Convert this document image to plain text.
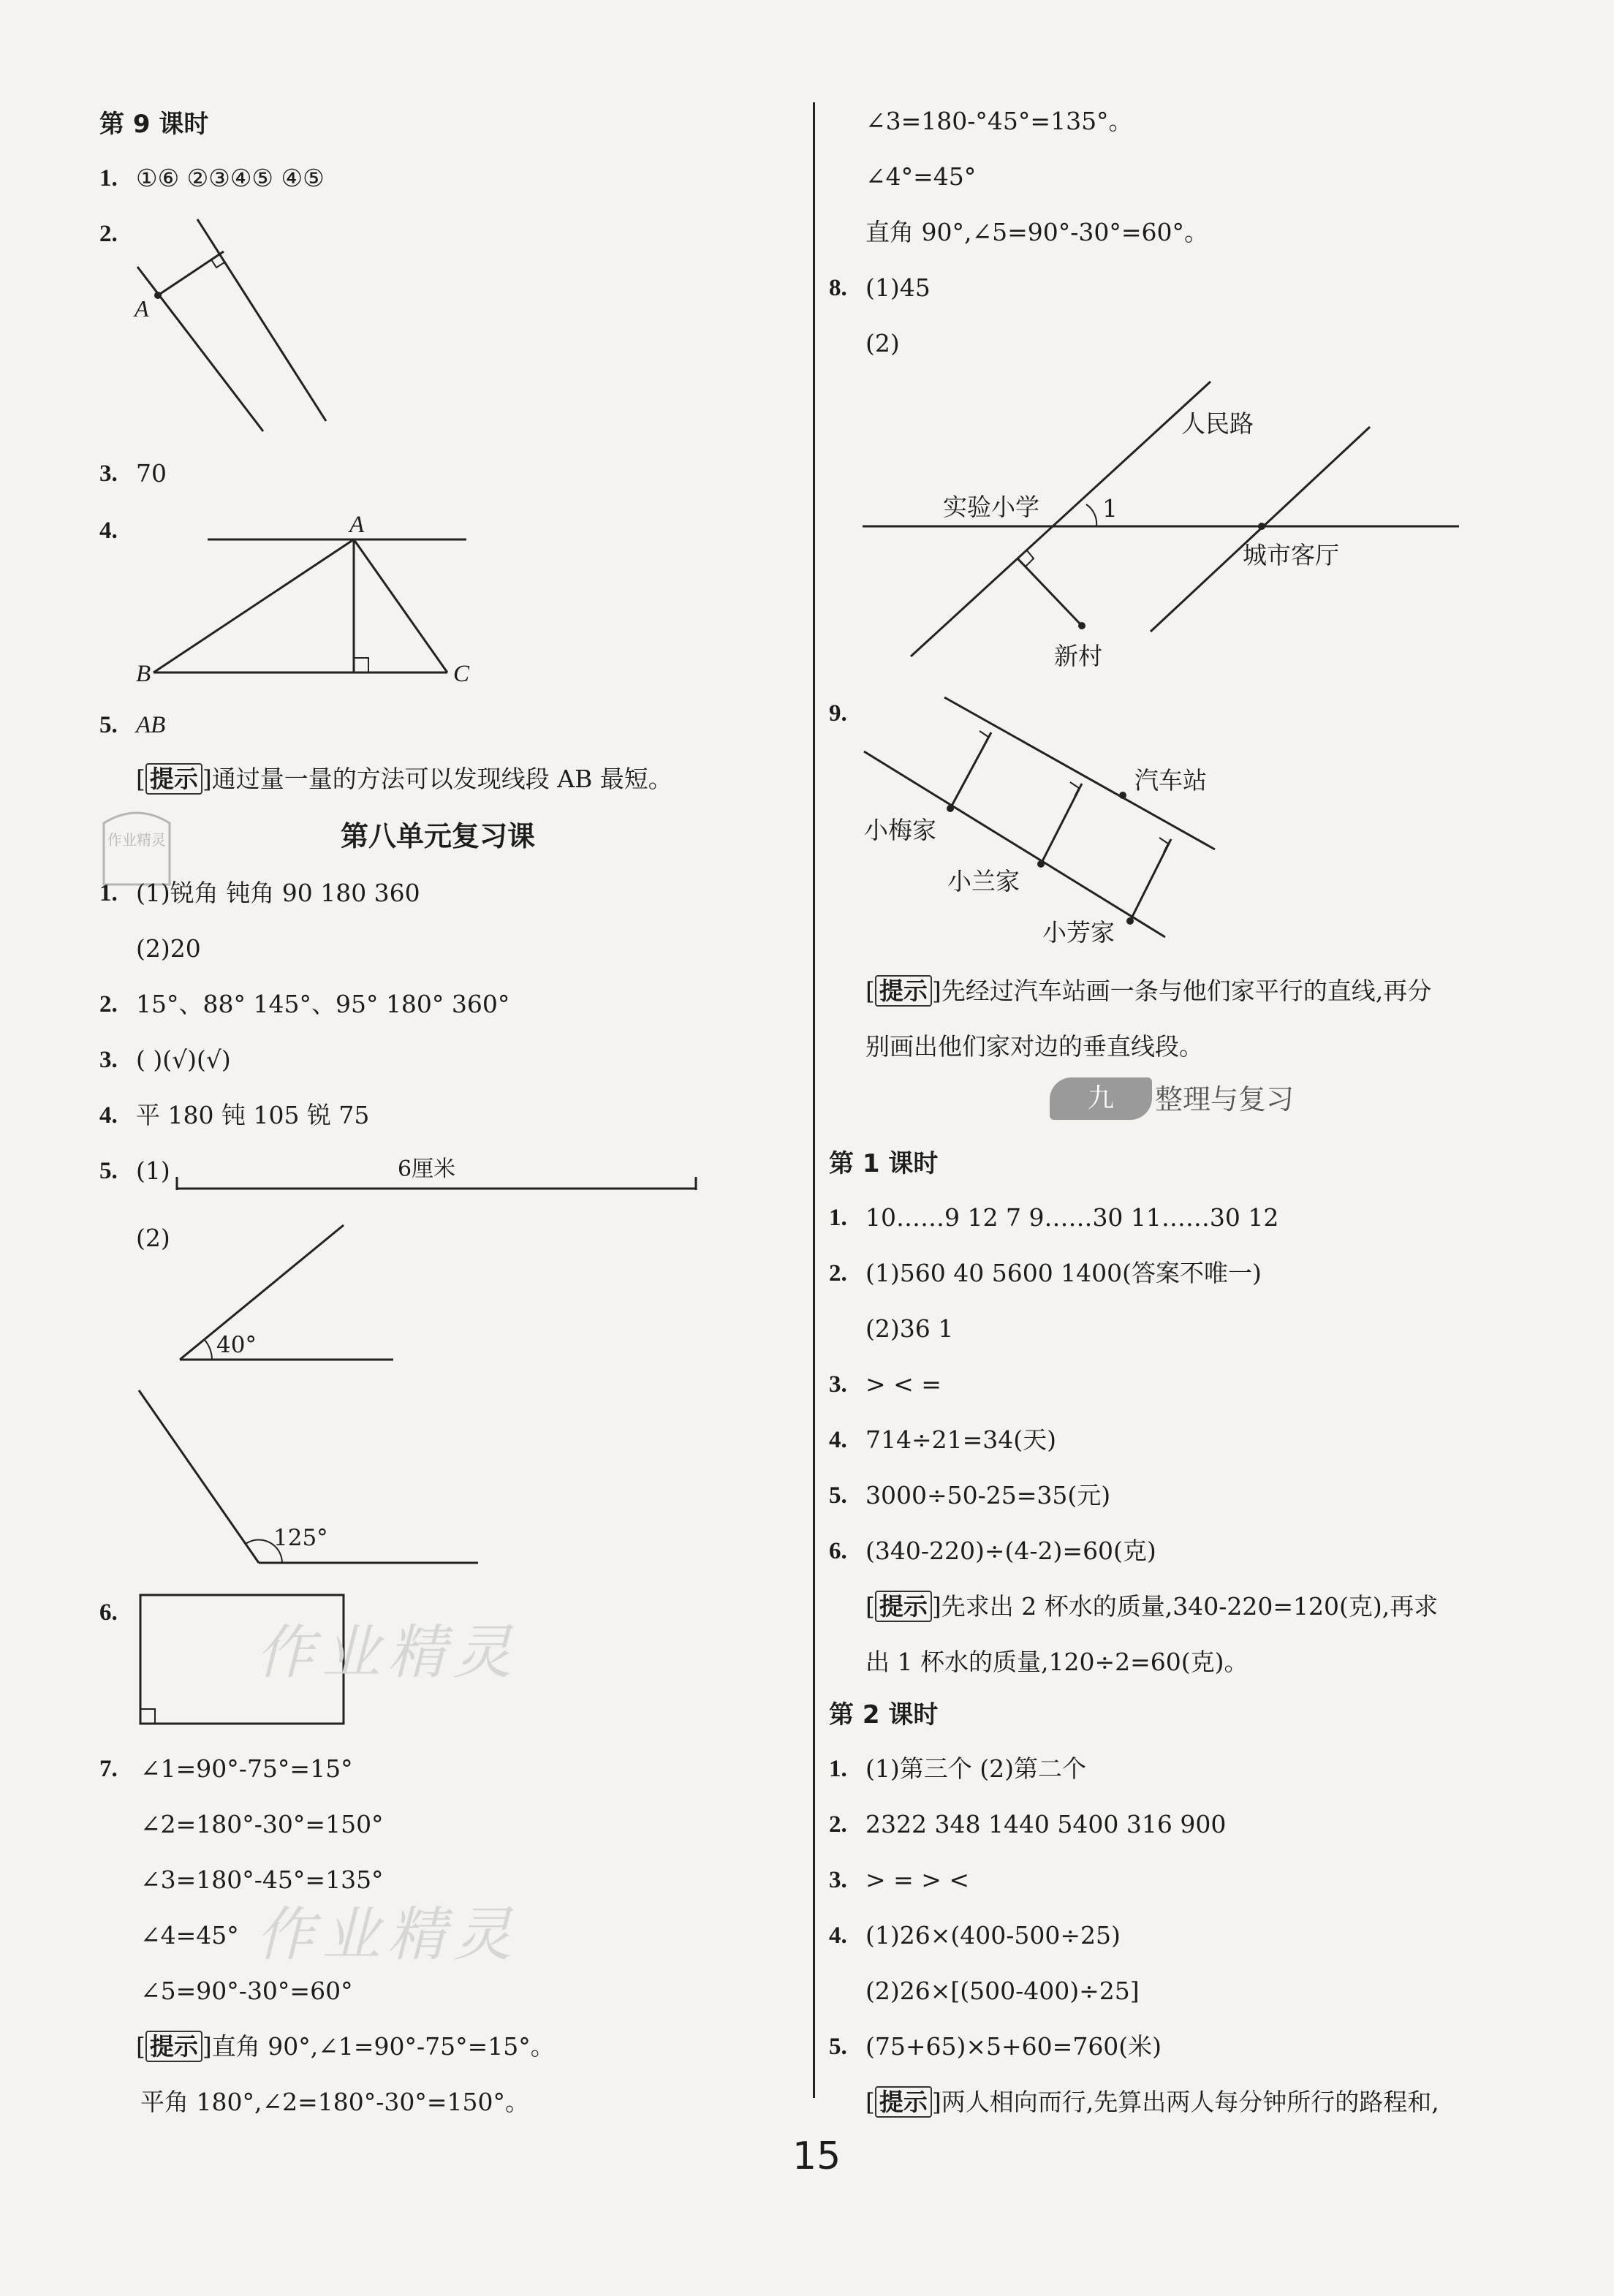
第 9 课时
1. ①⑥ ②③④⑤ ④⑤
2.
A
3. 70
4.	A
B	C
5. AB
[ 提示 ]通过量一量的方法可以发现线段 AB 最短。
作业精灵	第八单元复习课
1. (1)锐角 钝角 90 180 360
(2)20
2. 15°、88° 145°、95° 180° 360°
3. ( )(√)(√)
4. 平 180 钝 105 锐 75
5. (1)	6厘米
(2)
40°
125°
6.
作业精灵
7. ∠1=90°-75°=15°
∠2=180°-30°=150°
∠3=180°-45°=135°
∠4=45° 作业精灵
∠5=90°-30°=60°
[ 提示 ]直角 90°,∠1=90°-75°=15°。
平角 180°,∠2=180°-30°=150°。
∠3=180-°45°=135°。
∠4°=45°
直角 90°,∠5=90°-30°=60°。
8. (1)45
(2)
人民路
实验小学	1
城市客厅
新村
9.
汽车站
小梅家
小兰家
小芳家
[ 提示 ]先经过汽车站画一条与他们家平行的直线,再分
别画出他们家对边的垂直线段。
九	整理与复习
第 1 课时
1. 10……9 12 7 9……30 11……30 12
2. (1)560 40 5600 1400(答案不唯一)
(2)36 1
3. > < =
4. 714÷21=34(天)
5. 3000÷50-25=35(元)
6. (340-220)÷(4-2)=60(克)
[ 提示 ]先求出 2 杯水的质量,340-220=120(克),再求
出 1 杯水的质量,120÷2=60(克)。
第 2 课时
1. (1)第三个 (2)第二个
2. 2322 348 1440 5400 316 900
3. > = > <
4. (1)26×(400-500÷25)
(2)26×[(500-400)÷25]
5. (75+65)×5+60=760(米)
[ 提示 ]两人相向而行,先算出两人每分钟所行的路程和,
15
